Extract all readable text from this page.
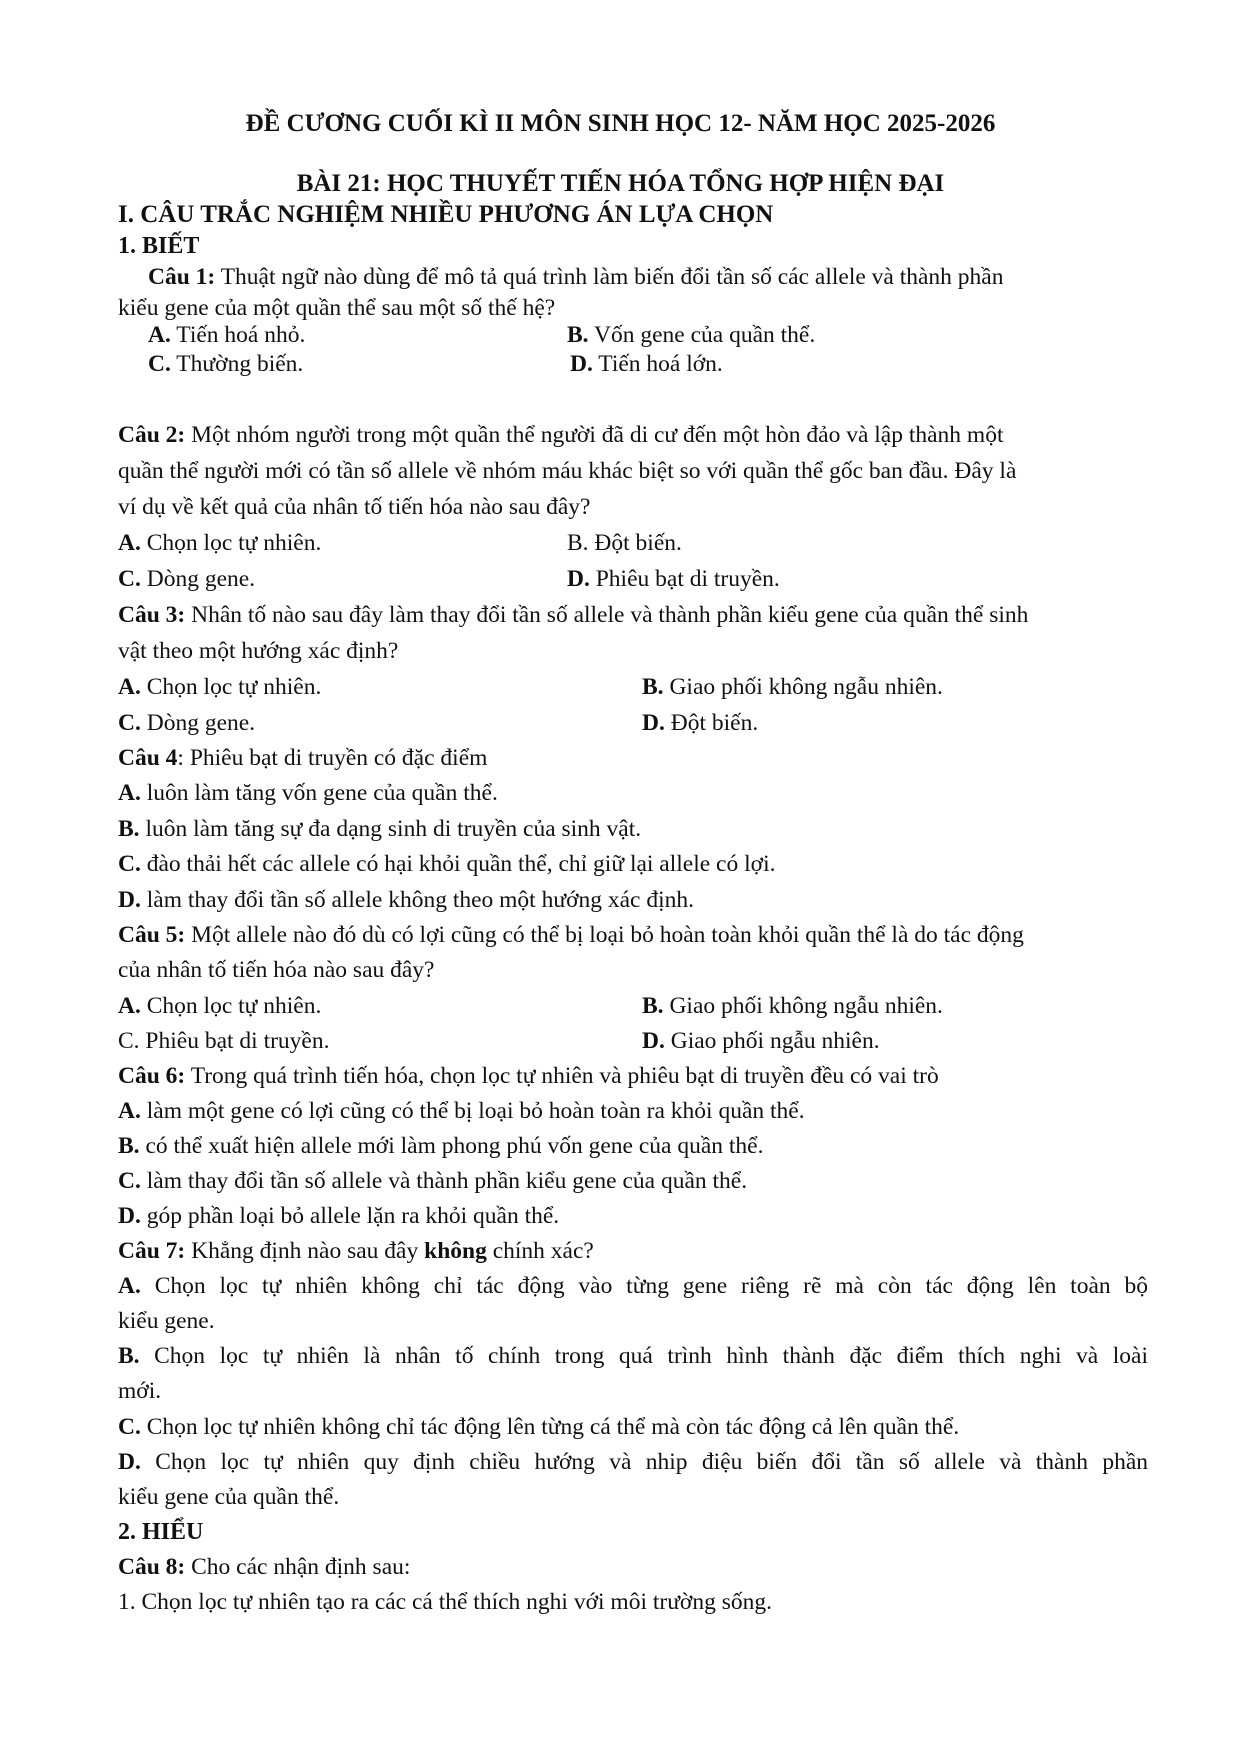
ĐỀ CƯƠNG CUỐI KÌ II MÔN SINH HỌC 12- NĂM HỌC 2025-2026
BÀI 21: HỌC THUYẾT TIẾN HÓA TỔNG HỢP HIỆN ĐẠI
I. CÂU TRẮC NGHIỆM NHIỀU PHƯƠNG ÁN LỰA CHỌN
1. BIẾT
Câu 1: Thuật ngữ nào dùng để mô tả quá trình làm biến đổi tần số các allele và thành phần
kiểu gene của một quần thể sau một số thế hệ?
A. Tiến hoá nhỏ.	B. Vốn gene của quần thể.
C. Thường biến.	D. Tiến hoá lớn.
Câu 2: Một nhóm người trong một quần thể người đã di cư đến một hòn đảo và lập thành một
quần thể người mới có tần số allele về nhóm máu khác biệt so với quần thể gốc ban đầu. Đây là
ví dụ về kết quả của nhân tố tiến hóa nào sau đây?
A. Chọn lọc tự nhiên.	B. Đột biến.
C. Dòng gene.	D. Phiêu bạt di truyền.
Câu 3: Nhân tố nào sau đây làm thay đổi tần số allele và thành phần kiểu gene của quần thể sinh
vật theo một hướng xác định?
A. Chọn lọc tự nhiên.	B. Giao phối không ngẫu nhiên.
C. Dòng gene.	D. Đột biến.
Câu 4: Phiêu bạt di truyền có đặc điểm
A. luôn làm tăng vốn gene của quần thể.
B. luôn làm tăng sự đa dạng sinh di truyền của sinh vật.
C. đào thải hết các allele có hại khỏi quần thể, chỉ giữ lại allele có lợi.
D. làm thay đổi tần số allele không theo một hướng xác định.
Câu 5: Một allele nào đó dù có lợi cũng có thể bị loại bỏ hoàn toàn khỏi quần thể là do tác động
của nhân tố tiến hóa nào sau đây?
A. Chọn lọc tự nhiên.	B. Giao phối không ngẫu nhiên.
C. Phiêu bạt di truyền.	D. Giao phối ngẫu nhiên.
Câu 6: Trong quá trình tiến hóa, chọn lọc tự nhiên và phiêu bạt di truyền đều có vai trò
A. làm một gene có lợi cũng có thể bị loại bỏ hoàn toàn ra khỏi quần thể.
B. có thể xuất hiện allele mới làm phong phú vốn gene của quần thể.
C. làm thay đổi tần số allele và thành phần kiểu gene của quần thể.
D. góp phần loại bỏ allele lặn ra khỏi quần thể.
Câu 7: Khẳng định nào sau đây không chính xác?
A. Chọn lọc tự nhiên không chỉ tác động vào từng gene riêng rẽ mà còn tác động lên toàn bộ
kiểu gene.
B. Chọn lọc tự nhiên là nhân tố chính trong quá trình hình thành đặc điểm thích nghi và loài
mới.
C. Chọn lọc tự nhiên không chỉ tác động lên từng cá thể mà còn tác động cả lên quần thể.
D. Chọn lọc tự nhiên quy định chiều hướng và nhip điệu biến đổi tần số allele và thành phần
kiểu gene của quần thể.
2. HIỂU
Câu 8: Cho các nhận định sau:
1. Chọn lọc tự nhiên tạo ra các cá thể thích nghi với môi trường sống.
